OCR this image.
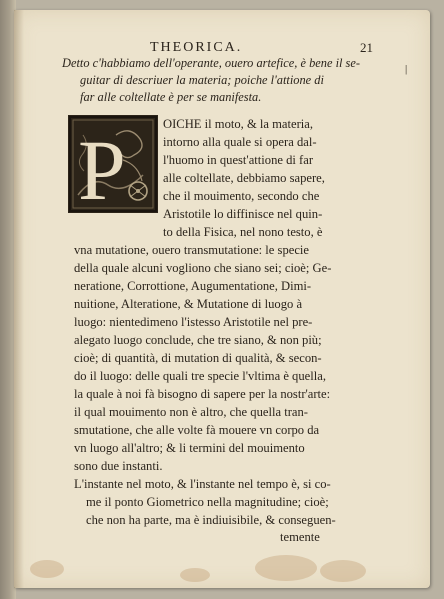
THEORICA.	21
|
Detto c'habbiamo dell'operante, ouero artefice, è bene il se-
guitar di descriuer la materia; poiche l'attione di
far alle coltellate è per se manifesta.
P	OICHE il moto, & la materia,
intorno alla quale si opera dal-
l'huomo in quest'attione di far
alle coltellate, debbiamo sapere,
che il mouimento, secondo che
Aristotile lo diffinisce nel quin-
to della Fisica, nel nono testo, è
vna mutatione, ouero transmutatione: le specie
della quale alcuni vogliono che siano sei; cioè; Ge-
neratione, Corrottione, Augumentatione, Dimi-
nuitione, Alteratione, & Mutatione di luogo à
luogo: nientedimeno l'istesso Aristotile nel pre-
alegato luogo conclude, che tre siano, & non più;
cioè; di quantità, di mutation di qualità, & secon-
do il luogo: delle quali tre specie l'vltima è quella,
la quale à noi fà bisogno di sapere per la nostr'arte:
il qual mouimento non è altro, che quella tran-
smutatione, che alle volte fà mouere vn corpo da
vn luogo all'altro; & li termini del mouimento
sono due instanti.
L'instante nel moto, & l'instante nel tempo è, si co-
me il ponto Giometrico nella magnitudine; cioè;
che non ha parte, ma è indiuisibile, & conseguen-
temente
